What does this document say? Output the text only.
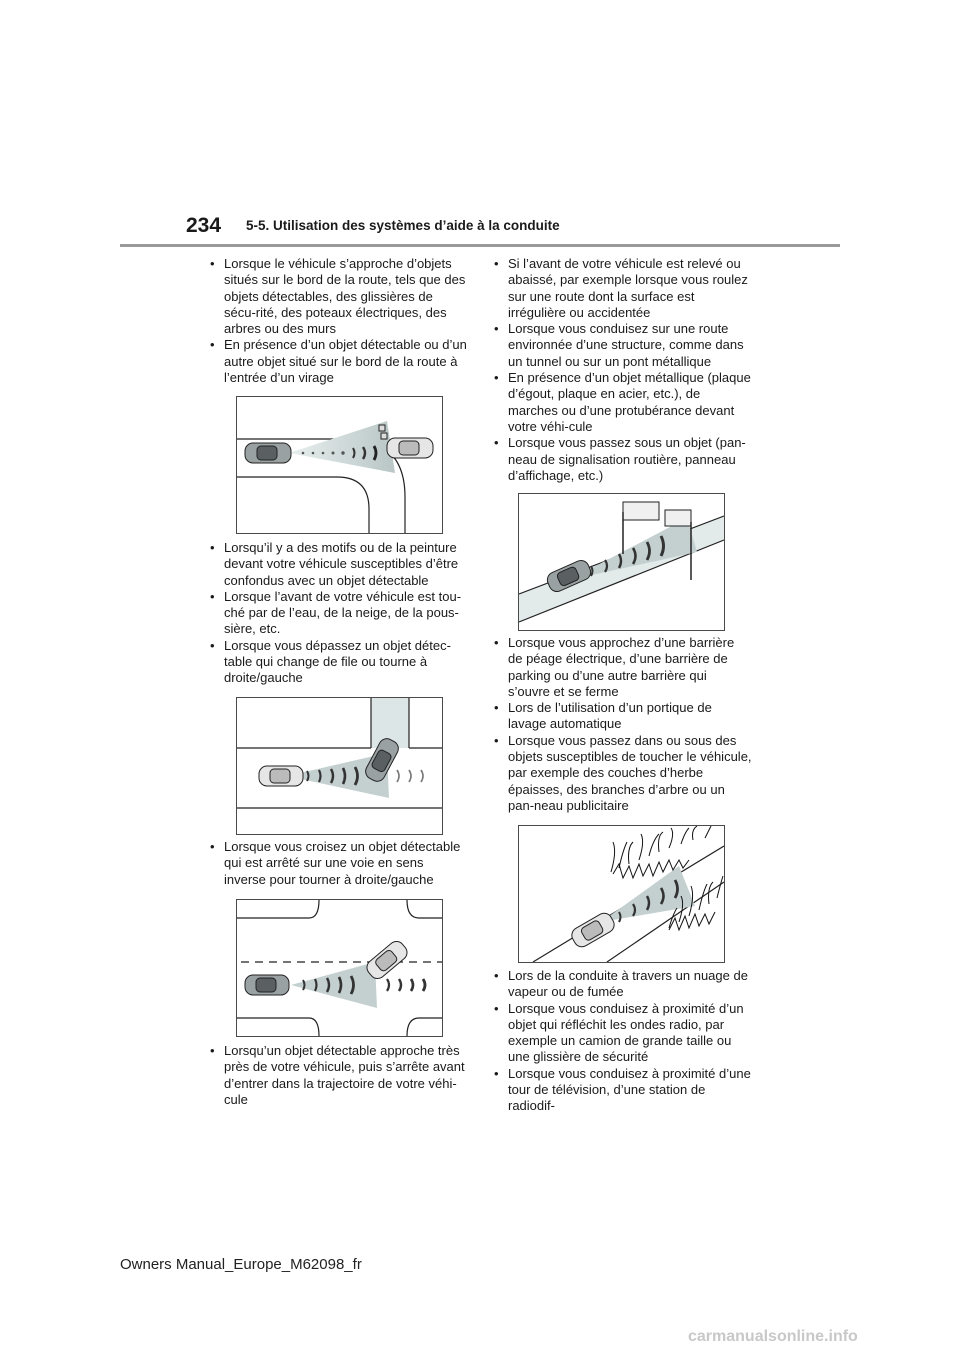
234 5-5. Utilisation des systèmes d’aide à la conduite
• Lorsque le véhicule s’approche d’objets situés sur le bord de la route, tels que des objets détectables, des glissières de sécu-rité, des poteaux électriques, des arbres ou des murs
• En présence d’un objet détectable ou d’un autre objet situé sur le bord de la route à l’entrée d’un virage
• Lorsqu’il y a des motifs ou de la peinture devant votre véhicule susceptibles d’être confondus avec un objet détectable
• Lorsque l’avant de votre véhicule est tou-ché par de l’eau, de la neige, de la pous-sière, etc.
• Lorsque vous dépassez un objet détec-table qui change de file ou tourne à droite/gauche
• Lorsque vous croisez un objet détectable qui est arrêté sur une voie en sens inverse pour tourner à droite/gauche
• Lorsqu’un objet détectable approche très près de votre véhicule, puis s’arrête avant d’entrer dans la trajectoire de votre véhi-cule
• Si l’avant de votre véhicule est relevé ou abaissé, par exemple lorsque vous roulez sur une route dont la surface est irrégulière ou accidentée
• Lorsque vous conduisez sur une route environnée d’une structure, comme dans un tunnel ou sur un pont métallique
• En présence d’un objet métallique (plaque d’égout, plaque en acier, etc.), de marches ou d’une protubérance devant votre véhi-cule
• Lorsque vous passez sous un objet (pan-neau de signalisation routière, panneau d’affichage, etc.)
• Lorsque vous approchez d’une barrière de péage électrique, d’une barrière de parking ou d’une autre barrière qui s’ouvre et se ferme
• Lors de l’utilisation d’un portique de lavage automatique
• Lorsque vous passez dans ou sous des objets susceptibles de toucher le véhicule, par exemple des couches d’herbe épaisses, des branches d’arbre ou un pan-neau publicitaire
• Lors de la conduite à travers un nuage de vapeur ou de fumée
• Lorsque vous conduisez à proximité d’un objet qui réfléchit les ondes radio, par exemple un camion de grande taille ou une glissière de sécurité
• Lorsque vous conduisez à proximité d’une tour de télévision, d’une station de radiodif-
Owners Manual_Europe_M62098_fr
carmanualsonline.info
